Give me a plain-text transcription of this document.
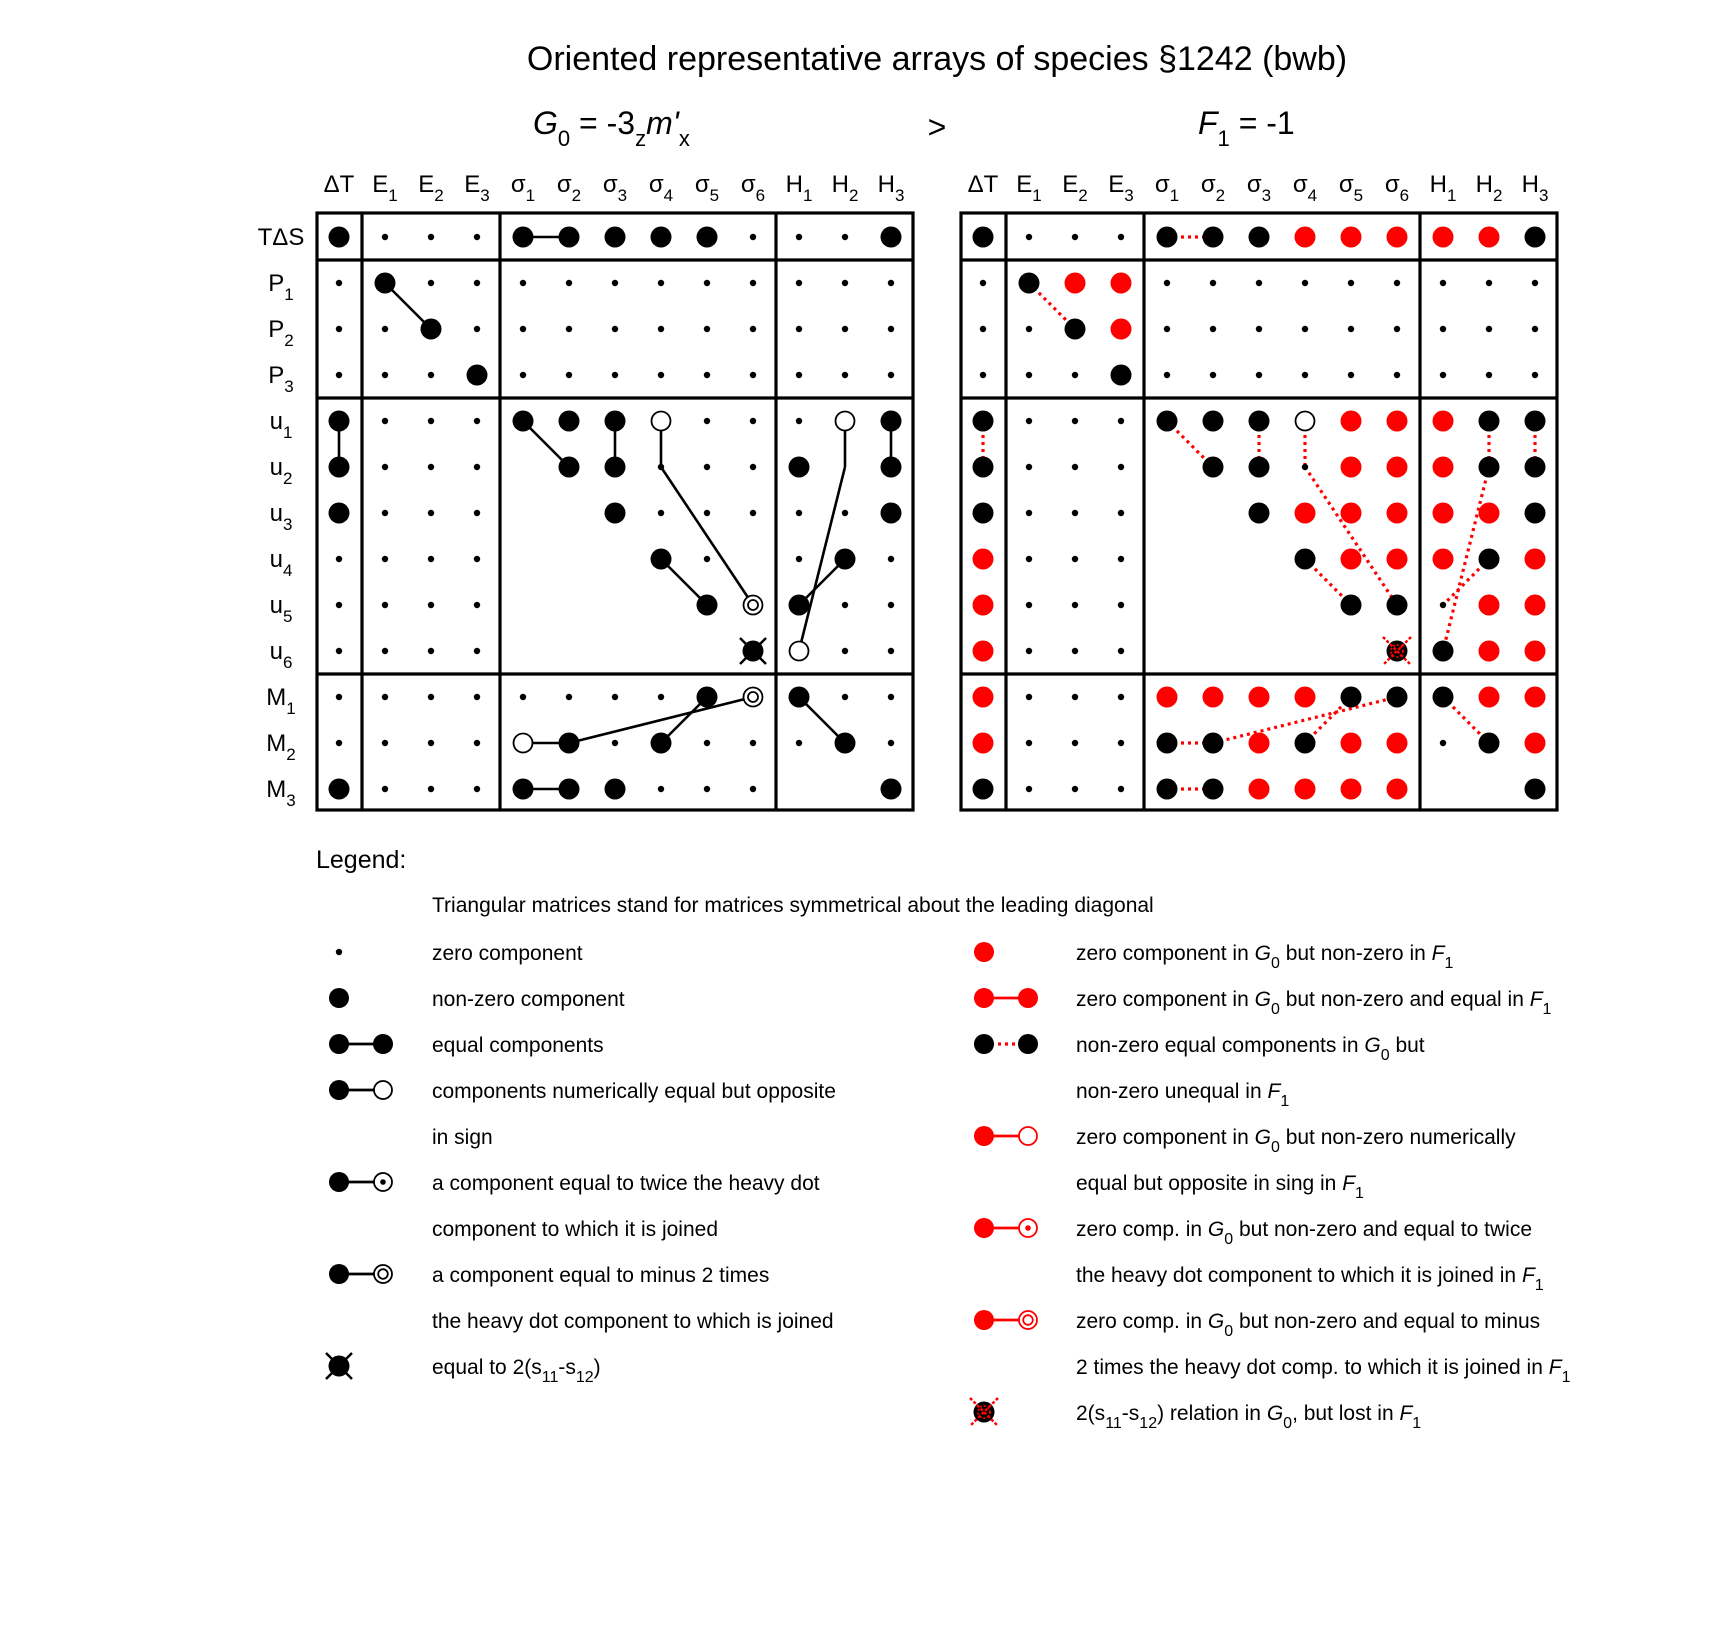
Oriented representative arrays of species §1242 (bwb)
$G_0 = -3_zm'_x$	>	$F_1 = -1$
ΔT $E_1$ $E_2$ $E_3$ $\sigma_1$ $\sigma_2$ $\sigma_3$ $\sigma_4$ $\sigma_5$ $\sigma_6$ $H_1$ $H_2$ $H_3$
TΔS
$P_1$
$P_2$
$P_3$
$u_1$
$u_2$
$u_3$
$u_4$
$u_5$
$u_6$
$M_1$
$M_2$
$M_3$
ΔT $E_1$ $E_2$ $E_3$ $\sigma_1$ $\sigma_2$ $\sigma_3$ $\sigma_4$ $\sigma_5$ $\sigma_6$ $H_1$ $H_2$ $H_3$
Legend:
Triangular matrices stand for matrices symmetrical about the leading diagonal
zero component
non-zero component
equal components
components numerically equal but opposite
in sign
a component equal to twice the heavy dot
component to which it is joined
a component equal to minus 2 times
the heavy dot component to which is joined
equal to $2(s_{11}-s_{12})$
zero component in $G_0$ but non-zero in $F_1$
zero component in $G_0$ but non-zero and equal in $F_1$
non-zero equal components in $G_0$ but
non-zero unequal in $F_1$
zero component in $G_0$ but non-zero numerically
equal but opposite in sing in $F_1$
zero comp. in $G_0$ but non-zero and equal to twice
the heavy dot component to which it is joined in $F_1$
zero comp. in $G_0$ but non-zero and equal to minus
2 times the heavy dot comp. to which it is joined in $F_1$
$2(s_{11}-s_{12})$ relation in $G_0$, but lost in $F_1$
